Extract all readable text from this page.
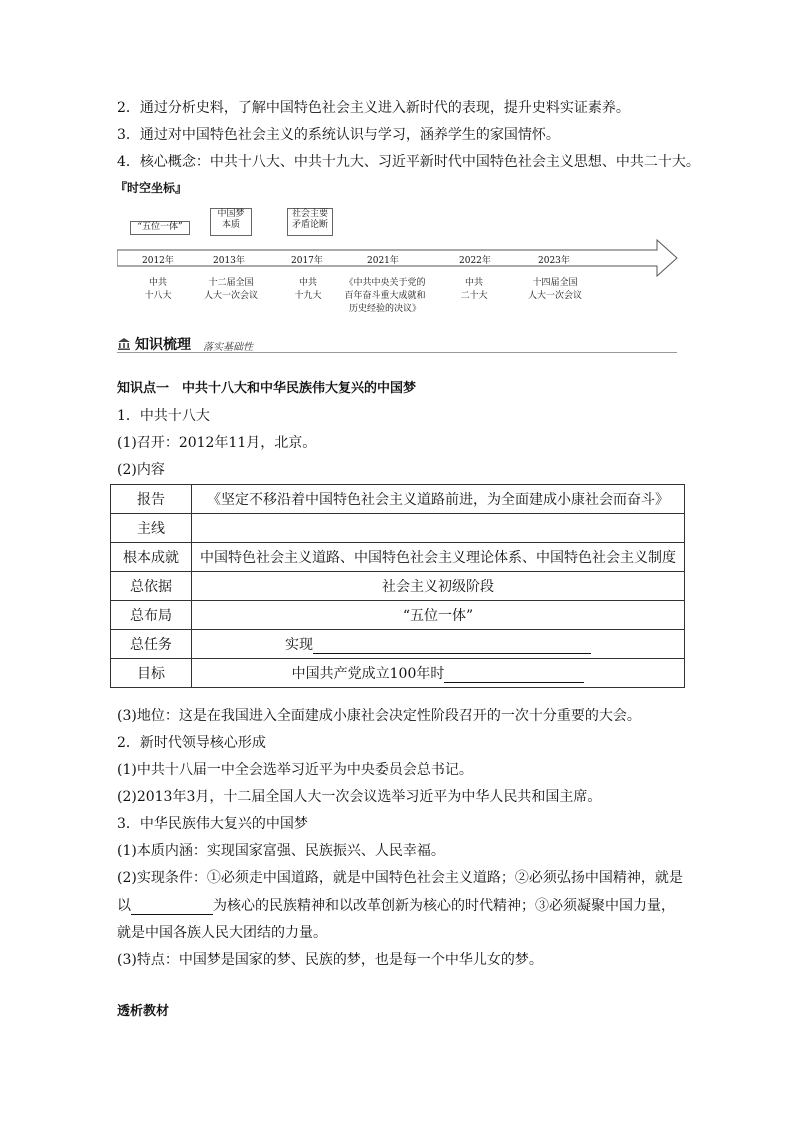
2．通过分析史料，了解中国特色社会主义进入新时代的表现，提升史料实证素养。
3．通过对中国特色社会主义的系统认识与学习，涵养学生的家国情怀。
4．核心概念：中共十八大、中共十九大、习近平新时代中国特色社会主义思想、中共二十大。
『时空坐标』
“五位一体”
中国梦
本质
社会主要
矛盾论断
2012年	2013年	2017年	2021年	2022年	2023年
中共
十八大
十二届全国
人大一次会议
中共
十九大
《中共中央关于党的
百年奋斗重大成就和
历史经验的决议》
中共
二十大
十四届全国
人大一次会议
知识梳理 落实基础性
知识点一　中共十八大和中华民族伟大复兴的中国梦
1．中共十八大
(1)召开：2012年11月，北京。
(2)内容
报告	《坚定不移沿着中国特色社会主义道路前进，为全面建成小康社会而奋斗》
主线	
根本成就	中国特色社会主义道路、中国特色社会主义理论体系、中国特色社会主义制度
总依据	社会主义初级阶段
总布局	“五位一体”
总任务	实现
目标	中国共产党成立100年时
(3)地位：这是在我国进入全面建成小康社会决定性阶段召开的一次十分重要的大会。
2．新时代领导核心形成
(1)中共十八届一中全会选举习近平为中央委员会总书记。
(2)2013年3月，十二届全国人大一次会议选举习近平为中华人民共和国主席。
3．中华民族伟大复兴的中国梦
(1)本质内涵：实现国家富强、民族振兴、人民幸福。
(2)实现条件：①必须走中国道路，就是中国特色社会主义道路；②必须弘扬中国精神，就是
以	为核心的民族精神和以改革创新为核心的时代精神；③必须凝聚中国力量，
就是中国各族人民大团结的力量。
(3)特点：中国梦是国家的梦、民族的梦，也是每一个中华儿女的梦。
透析教材
